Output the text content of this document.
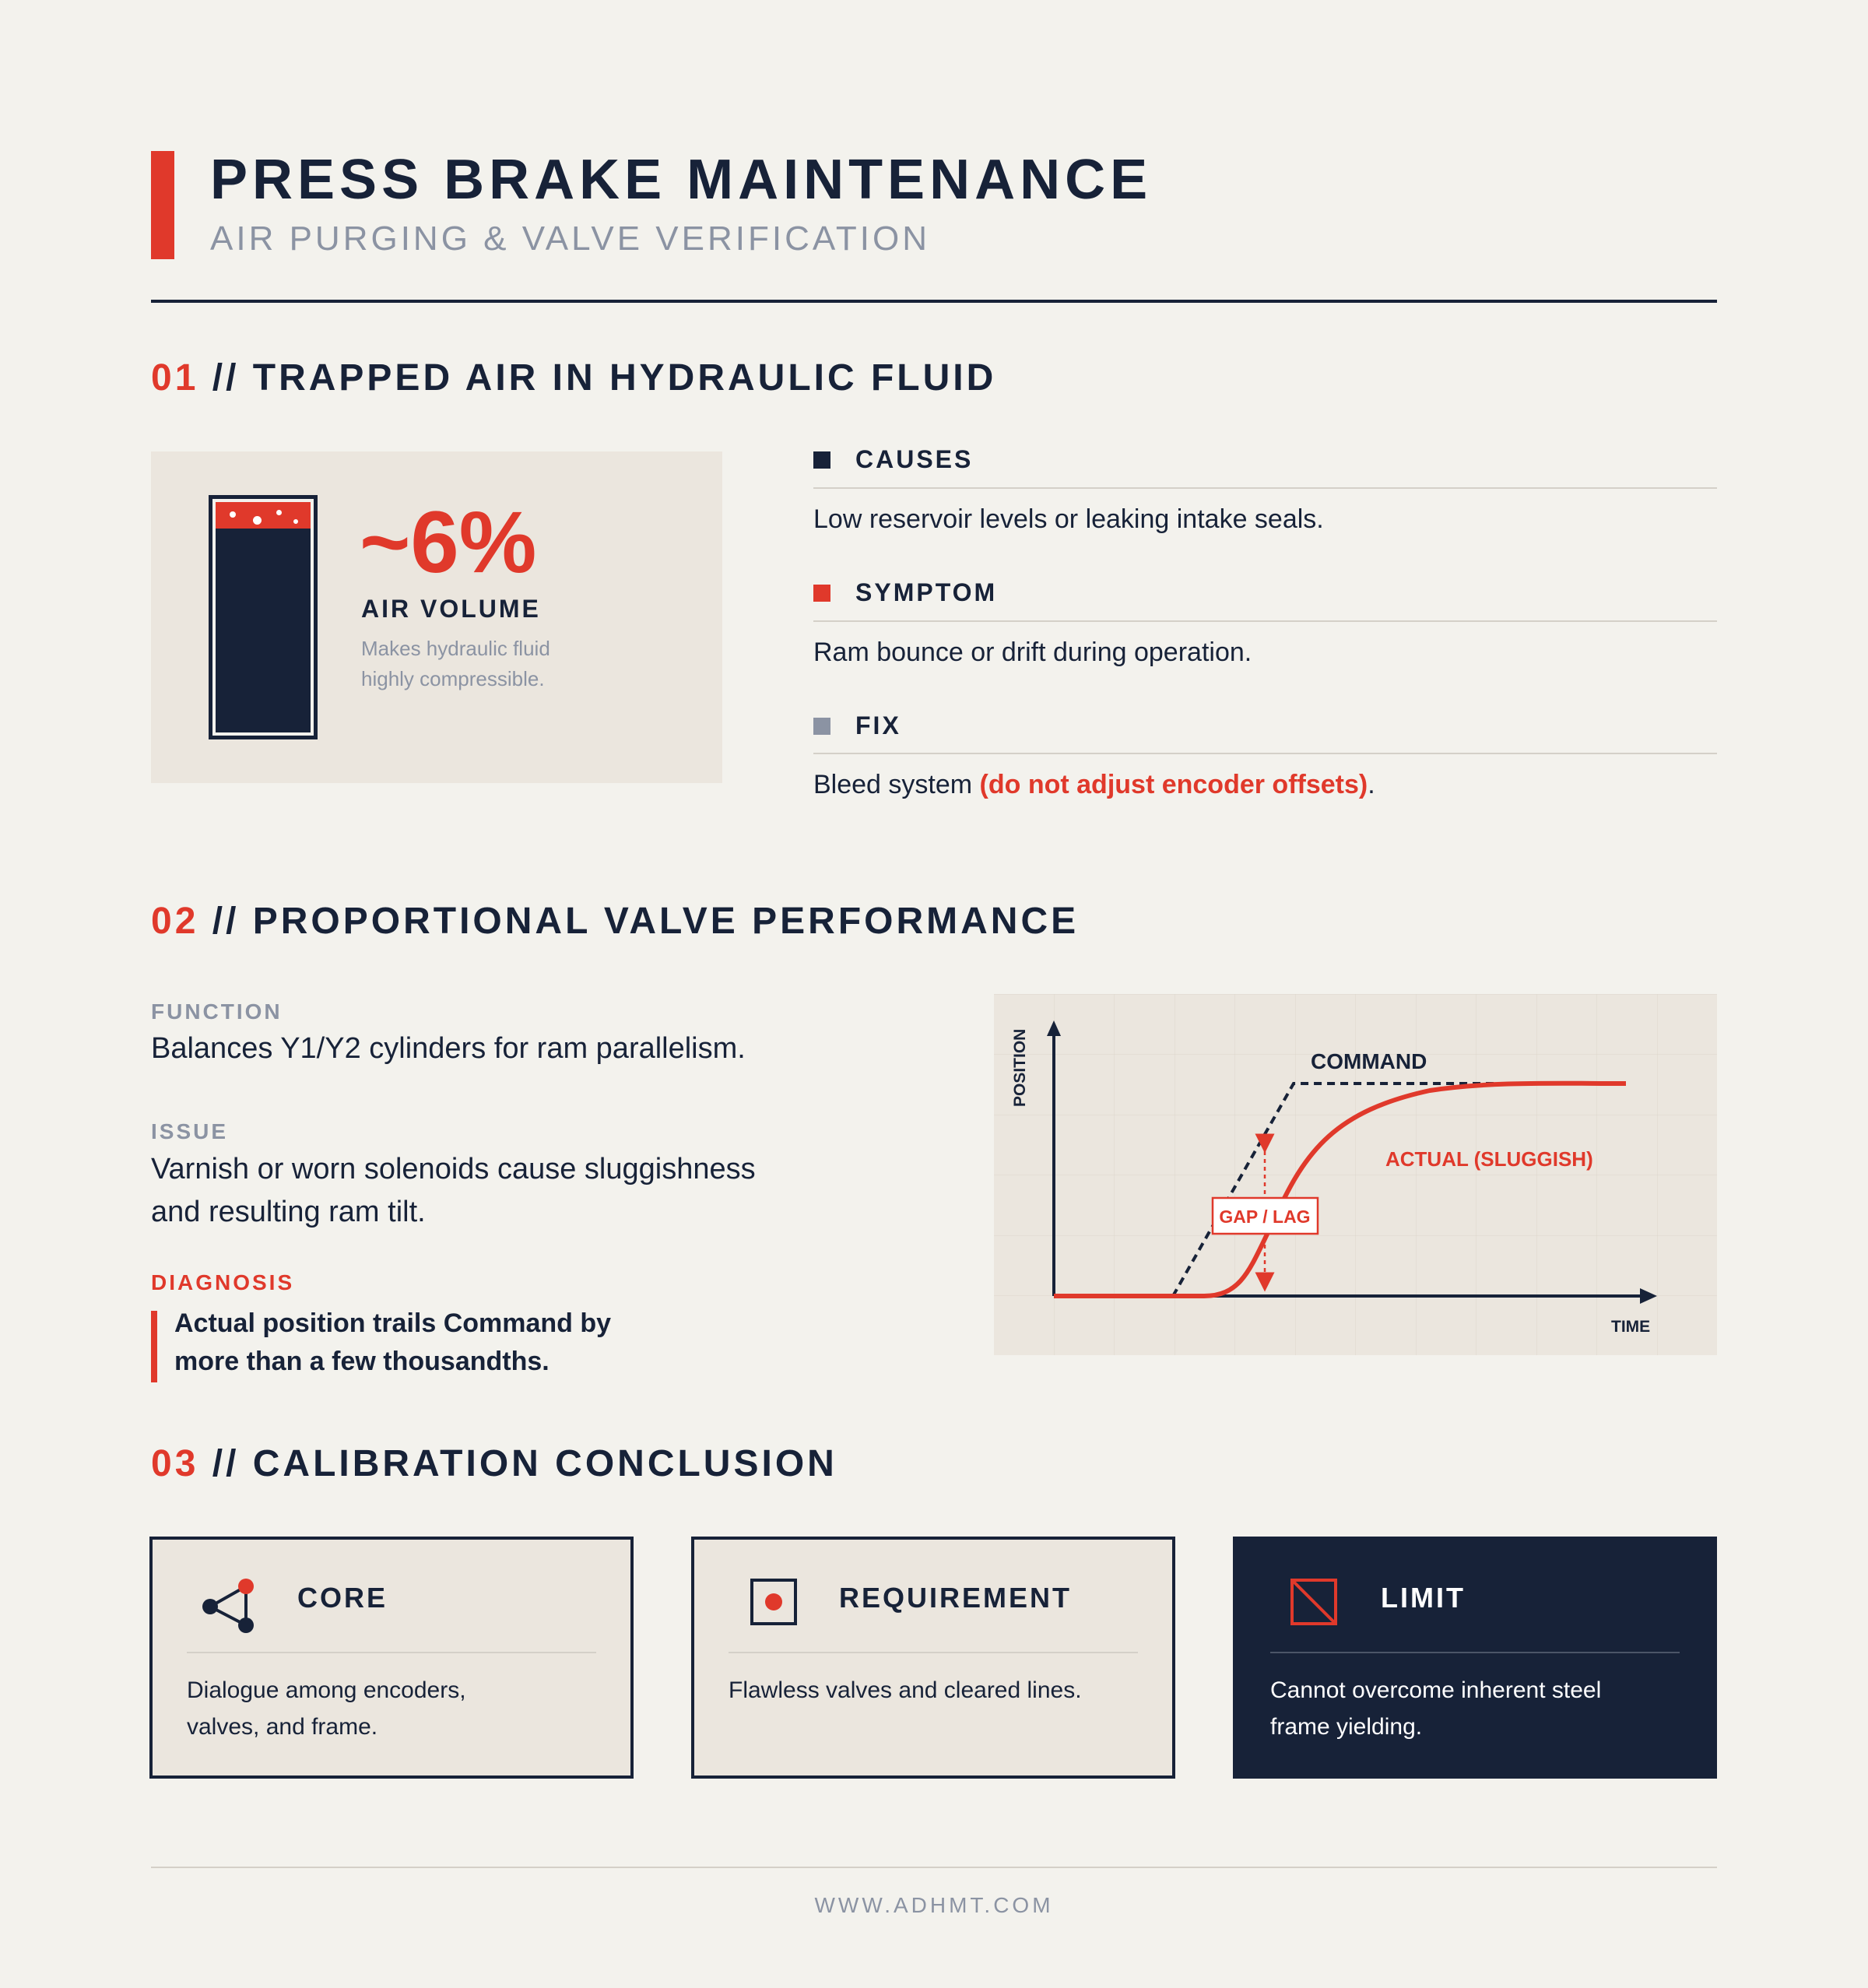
PRESS BRAKE MAINTENANCE
AIR PURGING & VALVE VERIFICATION
01 // TRAPPED AIR IN HYDRAULIC FLUID
~6%
AIR VOLUME
Makes hydraulic fluid highly compressible.
CAUSES
Low reservoir levels or leaking intake seals.
SYMPTOM
Ram bounce or drift during operation.
FIX
Bleed system (do not adjust encoder offsets).
02 // PROPORTIONAL VALVE PERFORMANCE
FUNCTION
Balances Y1/Y2 cylinders for ram parallelism.
ISSUE
Varnish or worn solenoids cause sluggishness and resulting ram tilt.
DIAGNOSIS
Actual position trails Command by more than a few thousandths.
POSITION
TIME
COMMAND
ACTUAL (SLUGGISH)
GAP / LAG
03 // CALIBRATION CONCLUSION
CORE
Dialogue among encoders, valves, and frame.
REQUIREMENT
Flawless valves and cleared lines.
LIMIT
Cannot overcome inherent steel frame yielding.
WWW.ADHMT.COM
